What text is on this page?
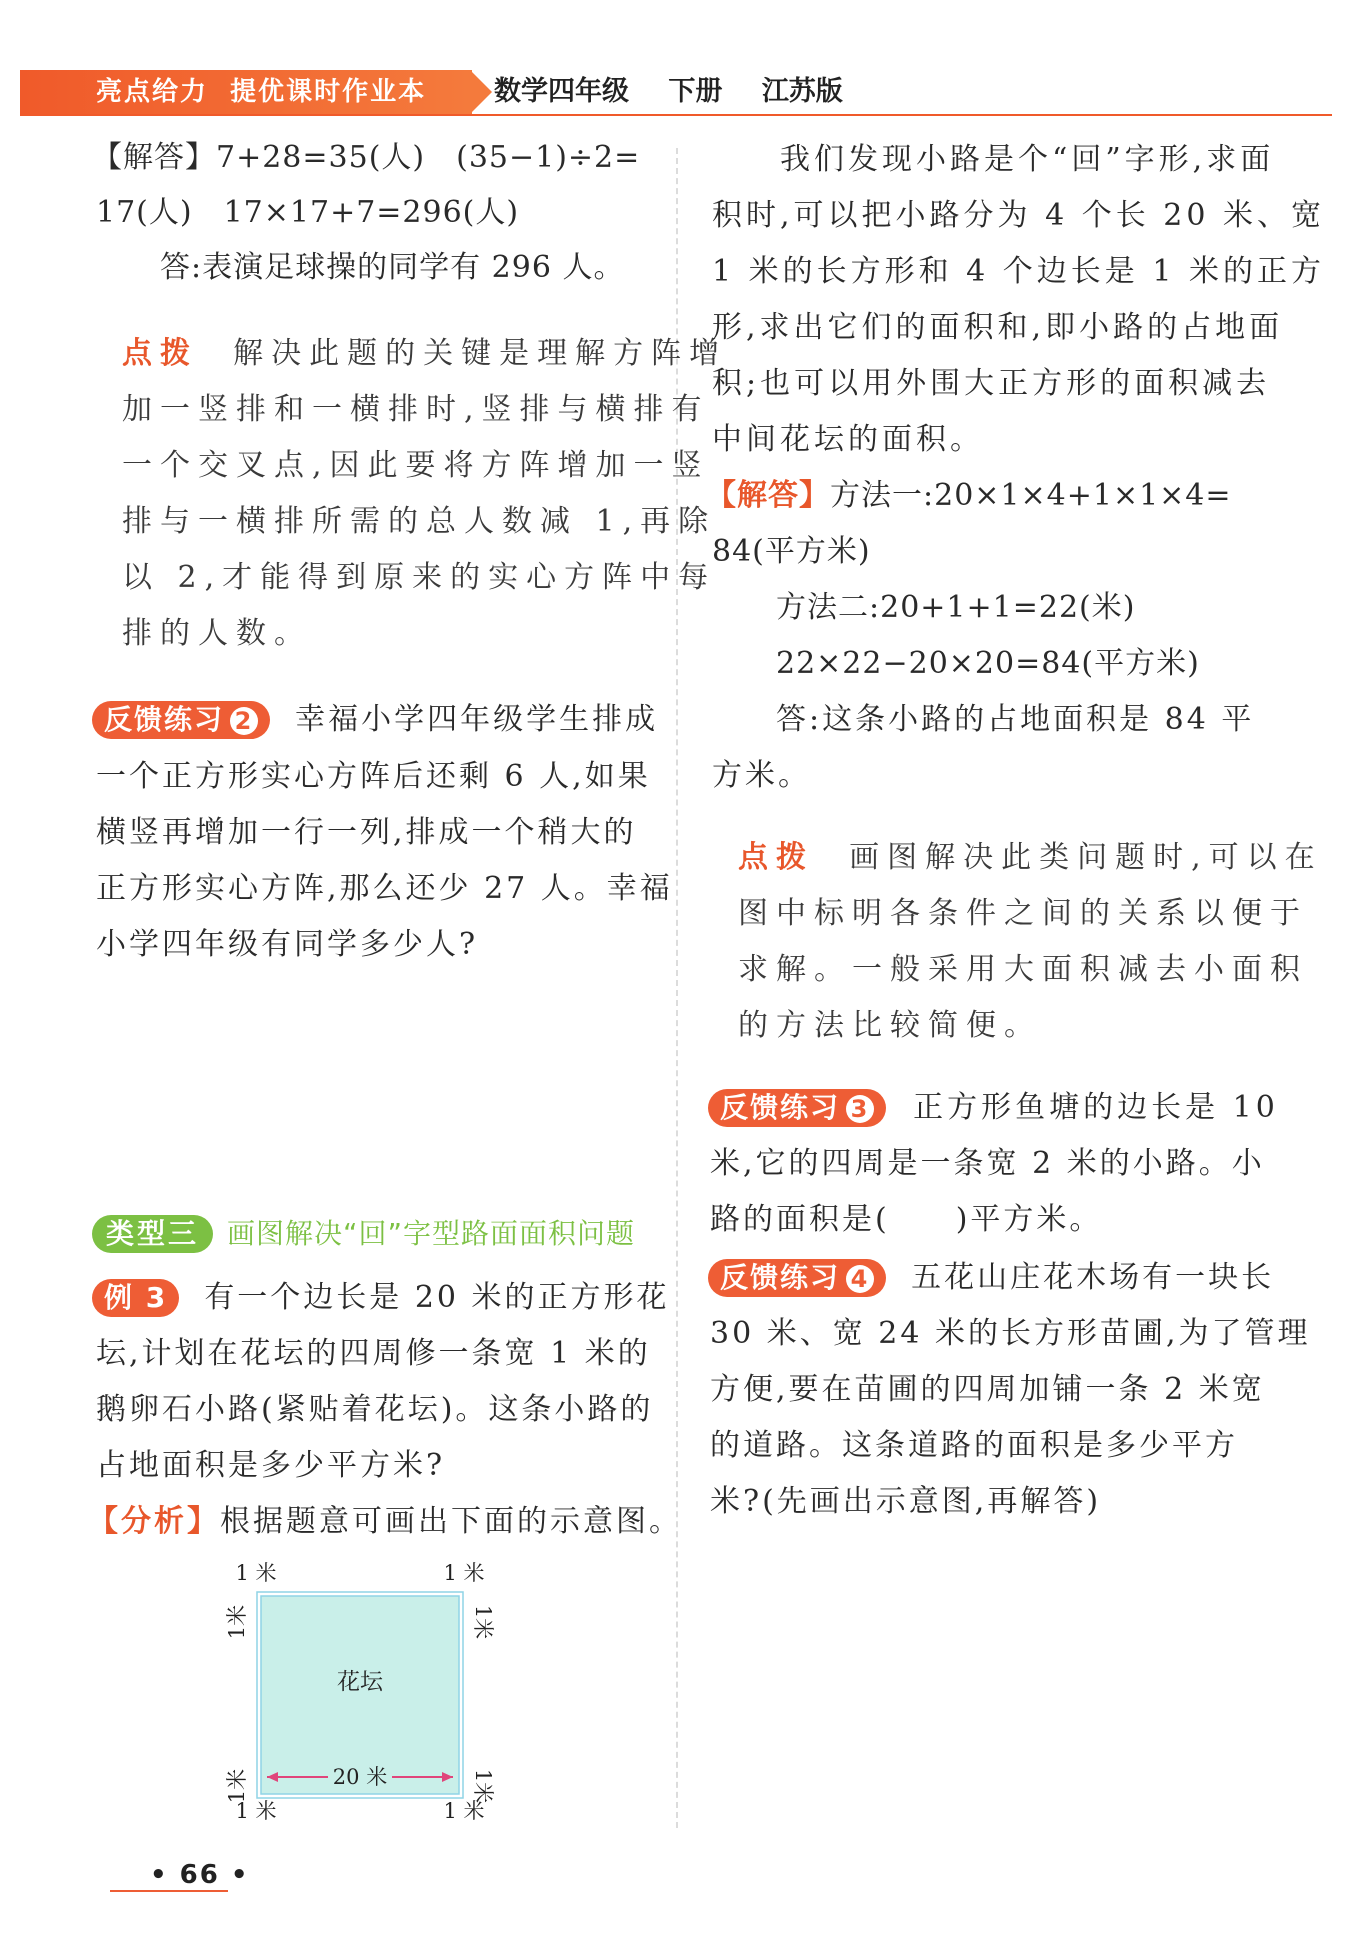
亮点给力 提优课时作业本	数学四年级 下册 江苏版
【解答】7+28=35(人)　(35−1)÷2=
17(人)　17×17+7=296(人)
答:表演足球操的同学有 296 人。
点拨 解决此题的关键是理解方阵增
加一竖排和一横排时,竖排与横排有
一个交叉点,因此要将方阵增加一竖
排与一横排所需的总人数减 1,再除
以 2,才能得到原来的实心方阵中每
排的人数。
反馈练习 2 幸福小学四年级学生排成
一个正方形实心方阵后还剩 6 人,如果
横竖再增加一行一列,排成一个稍大的
正方形实心方阵,那么还少 27 人。幸福
小学四年级有同学多少人?
类型三 画图解决“回”字型路面面积问题
例 3 有一个边长是 20 米的正方形花
坛,计划在花坛的四周修一条宽 1 米的
鹅卵石小路(紧贴着花坛)。这条小路的
占地面积是多少平方米?
【分析】根据题意可画出下面的示意图。
20 米
花坛
1 米	1 米
1 米	1 米
1米	1米
1米	1米
我们发现小路是个“回”字形,求面
积时,可以把小路分为 4 个长 20 米、宽
1 米的长方形和 4 个边长是 1 米的正方
形,求出它们的面积和,即小路的占地面
积;也可以用外围大正方形的面积减去
中间花坛的面积。
【解答】方法一:20×1×4+1×1×4=
84(平方米)
方法二:20+1+1=22(米)
22×22−20×20=84(平方米)
答:这条小路的占地面积是 84 平
方米。
点拨 画图解决此类问题时,可以在
图中标明各条件之间的关系以便于
求解。一般采用大面积减去小面积
的方法比较简便。
反馈练习 3 正方形鱼塘的边长是 10
米,它的四周是一条宽 2 米的小路。小
路的面积是(　　)平方米。
反馈练习 4 五花山庄花木场有一块长
30 米、宽 24 米的长方形苗圃,为了管理
方便,要在苗圃的四周加铺一条 2 米宽
的道路。这条道路的面积是多少平方
米?(先画出示意图,再解答)
• 66 •
